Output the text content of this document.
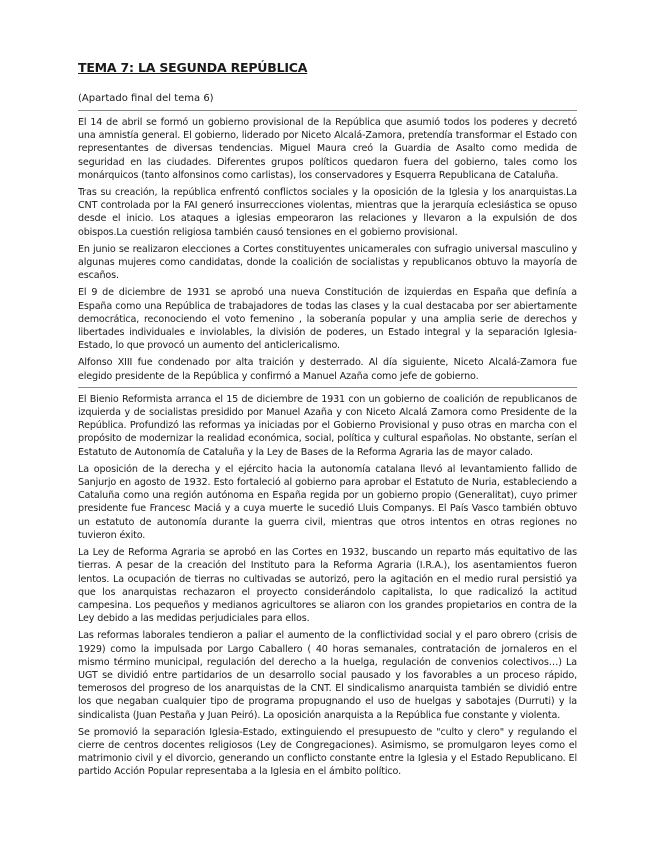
TEMA 7: LA SEGUNDA REPÚBLICA
(Apartado final del tema 6)

El 14 de abril se formó un gobierno provisional de la República que asumió todos los poderes y decretó una amnistía general. El gobierno, liderado por Niceto Alcalá-Zamora, pretendía transformar el Estado con representantes de diversas tendencias. Miguel Maura creó la Guardia de Asalto como medida de seguridad en las ciudades. Diferentes grupos políticos quedaron fuera del gobierno, tales como los monárquicos (tanto alfonsinos como carlistas), los conservadores y Esquerra Republicana de Cataluña.

Tras su creación, la república enfrentó conflictos sociales y la oposición de la Iglesia y los anarquistas.La CNT controlada por la FAI generó insurrecciones violentas, mientras que la jerarquía eclesiástica se opuso desde el inicio. Los ataques a iglesias empeoraron las relaciones y llevaron a la expulsión de dos obispos.La cuestión religiosa también causó tensiones en el gobierno provisional.

En junio se realizaron elecciones a Cortes constituyentes unicamerales con sufragio universal masculino y algunas mujeres como candidatas, donde la coalición de socialistas y republicanos obtuvo la mayoría de escaños.

El 9 de diciembre de 1931 se aprobó una nueva Constitución de izquierdas en España que definía a España como una República de trabajadores de todas las clases y la cual destacaba por ser abiertamente democrática, reconociendo el voto femenino , la soberanía popular y una amplia serie de derechos y libertades individuales e inviolables, la división de poderes, un Estado integral y la separación Iglesia-Estado, lo que provocó un aumento del anticlericalismo.

Alfonso XIII fue condenado por alta traición y desterrado. Al día siguiente, Niceto Alcalá-Zamora fue elegido presidente de la República y confirmó a Manuel Azaña como jefe de gobierno.

El Bienio Reformista arranca el 15 de diciembre de 1931 con un gobierno de coalición de republicanos de izquierda y de socialistas presidido por Manuel Azaña y con Niceto Alcalá Zamora como Presidente de la República. Profundizó las reformas ya iniciadas por el Gobierno Provisional y puso otras en marcha con el propósito de modernizar la realidad económica, social, política y cultural españolas. No obstante, serían el Estatuto de Autonomía de Cataluña y la Ley de Bases de la Reforma Agraria las de mayor calado.

La oposición de la derecha y el ejército hacia la autonomía catalana llevó al levantamiento fallido de Sanjurjo en agosto de 1932. Esto fortaleció al gobierno para aprobar el Estatuto de Nuria, estableciendo a Cataluña como una región autónoma en España regida por un gobierno propio (Generalitat), cuyo primer presidente fue Francesc Maciá y a cuya muerte le sucedió Lluis Companys. El País Vasco también obtuvo un estatuto de autonomía durante la guerra civil, mientras que otros intentos en otras regiones no tuvieron éxito.

La Ley de Reforma Agraria se aprobó en las Cortes en 1932, buscando un reparto más equitativo de las tierras. A pesar de la creación del Instituto para la Reforma Agraria (I.R.A.), los asentamientos fueron lentos. La ocupación de tierras no cultivadas se autorizó, pero la agitación en el medio rural persistió ya que los anarquistas rechazaron el proyecto considerándolo capitalista, lo que radicalizó la actitud campesina. Los pequeños y medianos agricultores se aliaron con los grandes propietarios en contra de la Ley debido a las medidas perjudiciales para ellos.

Las reformas laborales tendieron a paliar el aumento de la conflictividad social y el paro obrero (crisis de 1929) como la impulsada por Largo Caballero ( 40 horas semanales, contratación de jornaleros en el mismo término municipal, regulación del derecho a la huelga, regulación de convenios colectivos…) La UGT se dividió entre partidarios de un desarrollo social pausado y los favorables a un proceso rápido, temerosos del progreso de los anarquistas de la CNT. El sindicalismo anarquista también se dividió entre los que negaban cualquier tipo de programa propugnando el uso de huelgas y sabotajes (Durruti) y la sindicalista (Juan Pestaña y Juan Peiró). La oposición anarquista a la República fue constante y violenta.

Se promovió la separación Iglesia-Estado, extinguiendo el presupuesto de "culto y clero" y regulando el cierre de centros docentes religiosos (Ley de Congregaciones). Asimismo, se promulgaron leyes como el matrimonio civil y el divorcio, generando un conflicto constante entre la Iglesia y el Estado Republicano. El partido Acción Popular representaba a la Iglesia en el ámbito político.
